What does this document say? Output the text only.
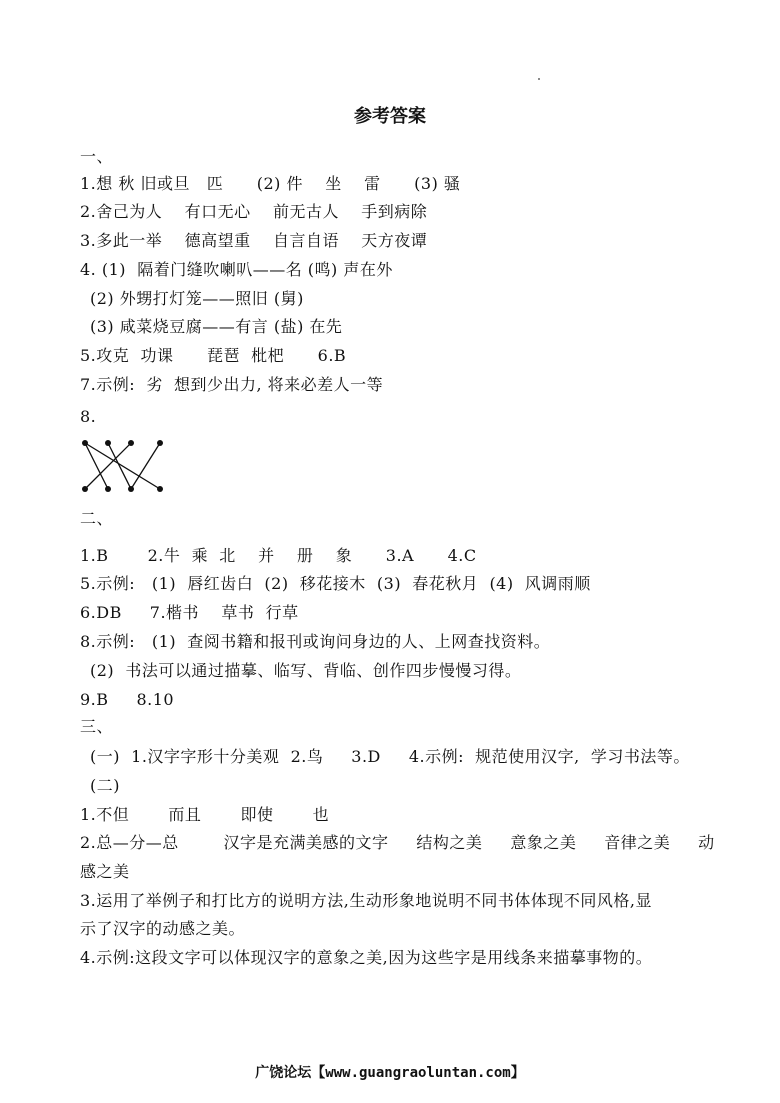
参考答案
一、
1.想 秋 旧或旦   匹      (2) 件    坐    雷      (3) 骚
2.舍己为人    有口无心    前无古人    手到病除
3.多此一举    德高望重    自言自语    天方夜谭
4. (1)  隔着门缝吹喇叭——名 (鸣) 声在外
(2) 外甥打灯笼——照旧 (舅)
(3) 咸菜烧豆腐——有言 (盐) 在先
5.攻克  功课      琵琶  枇杷      6.B
7.示例:  劣  想到少出力, 将来必差人一等
8.
二、
1.B       2.牛  乘  北    并    册    象      3.A      4.C
5.示例:   (1)  唇红齿白  (2)  移花接木  (3)  春花秋月  (4)  风调雨顺
6.DB     7.楷书    草书  行草
8.示例:   (1)  查阅书籍和报刊或询问身边的人、上网查找资料。
(2)  书法可以通过描摹、临写、背临、创作四步慢慢习得。
9.B     8.10
三、
(一)  1.汉字字形十分美观  2.鸟     3.D     4.示例:  规范使用汉字,  学习书法等。
(二)
1.不但       而且       即使       也
2.总—分—总        汉字是充满美感的文字     结构之美     意象之美     音律之美     动
感之美
3.运用了举例子和打比方的说明方法,生动形象地说明不同书体体现不同风格,显
示了汉字的动感之美。
4.示例:这段文字可以体现汉字的意象之美,因为这些字是用线条来描摹事物的。
广饶论坛【www.guangraoluntan.com】
